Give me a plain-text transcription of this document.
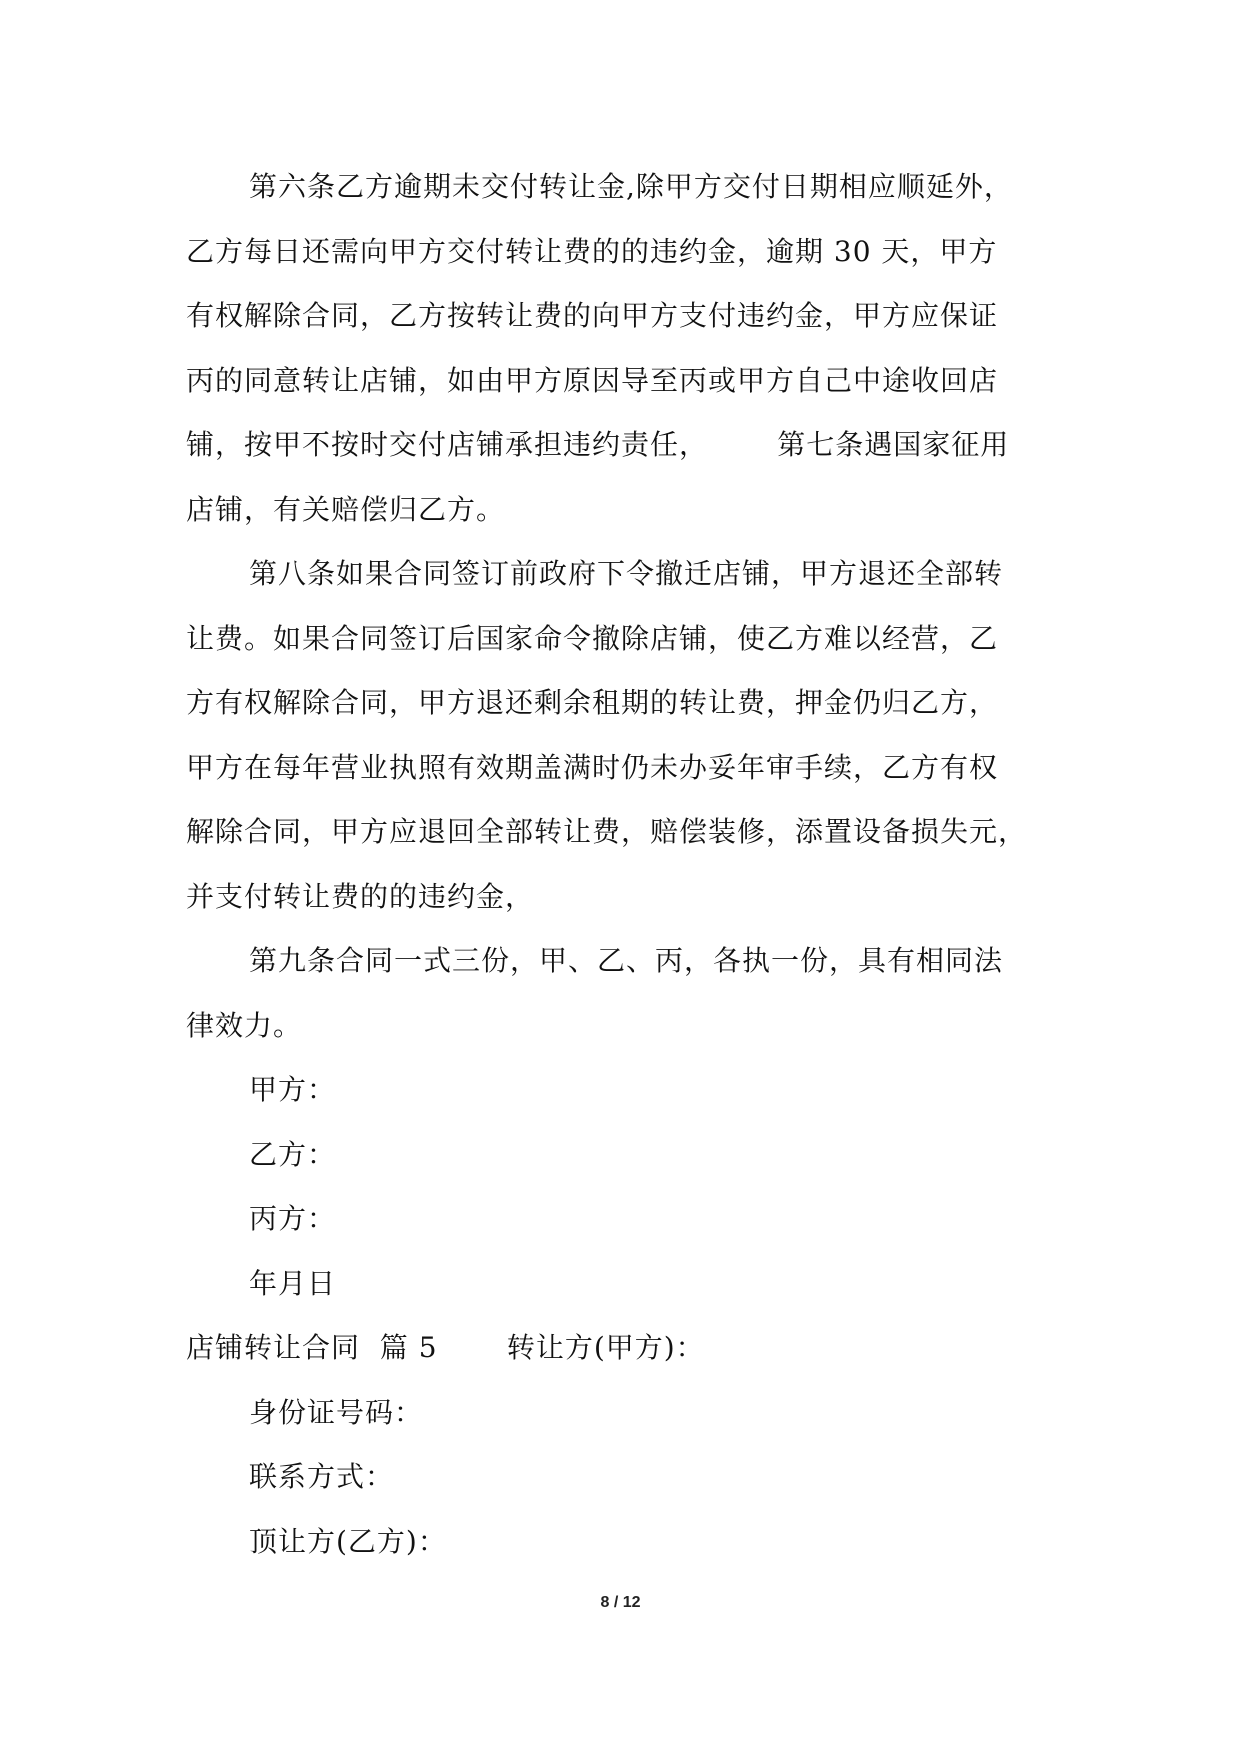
第六条乙方逾期未交付转让金,除甲方交付日期相应顺延外，
乙方每日还需向甲方交付转让费的的违约金，逾期 30 天，甲方
有权解除合同，乙方按转让费的向甲方支付违约金，甲方应保证
丙的同意转让店铺，如由甲方原因导至丙或甲方自己中途收回店
铺，按甲不按时交付店铺承担违约责任，       第七条遇国家征用
店铺，有关赔偿归乙方。
第八条如果合同签订前政府下令撤迁店铺，甲方退还全部转
让费。如果合同签订后国家命令撤除店铺，使乙方难以经营，乙
方有权解除合同，甲方退还剩余租期的转让费，押金仍归乙方，
甲方在每年营业执照有效期盖满时仍未办妥年审手续，乙方有权
解除合同，甲方应退回全部转让费，赔偿装修，添置设备损失元，
并支付转让费的的违约金，
第九条合同一式三份，甲、乙、丙，各执一份，具有相同法
律效力。
甲方：
乙方：
丙方：
年月日
店铺转让合同  篇 5       转让方(甲方)：
身份证号码：
联系方式：
顶让方(乙方)：
8 / 12
